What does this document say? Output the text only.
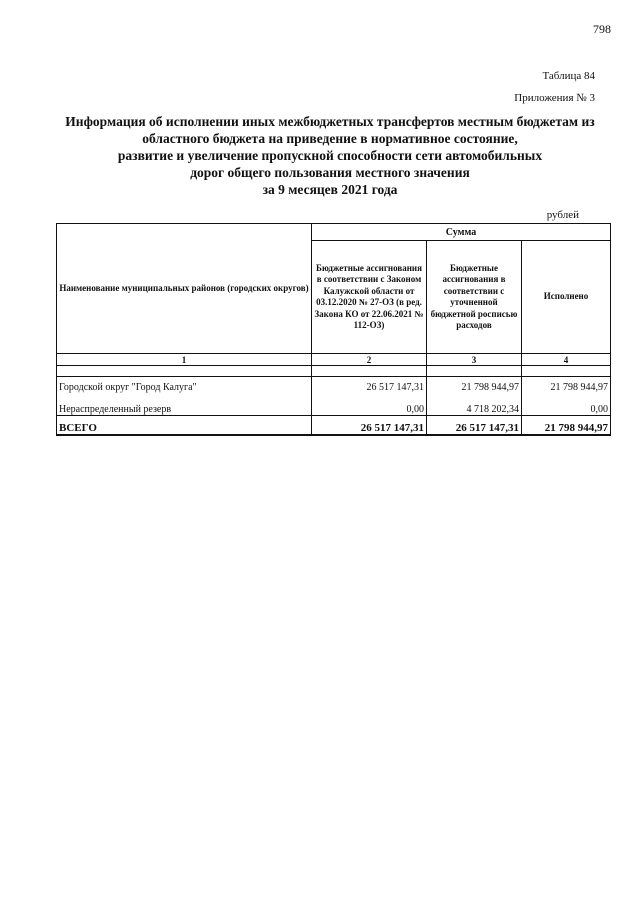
798
Таблица 84
Приложения № 3
Информация об исполнении иных межбюджетных трансфертов местным бюджетам из
областного бюджета на приведение в нормативное состояние,
развитие и увеличение пропускной способности сети автомобильных
дорог общего пользования местного значения
за 9 месяцев 2021 года
рублей
Наименование муниципальных районов (городских округов)	Сумма		
	Бюджетные ассигнования в соответствии с Законом Калужской области от 03.12.2020 № 27-ОЗ (в ред. Закона КО от 22.06.2021 № 112-ОЗ)	Бюджетные ассигнования в соответствии с уточненной бюджетной росписью расходов	Исполнено
1	2	3	4

Городской округ "Город Калуга"	26 517 147,31	21 798 944,97	21 798 944,97

Нераспределенный резерв	0,00	4 718 202,34	0,00
ВСЕГО	26 517 147,31	26 517 147,31	21 798 944,97
